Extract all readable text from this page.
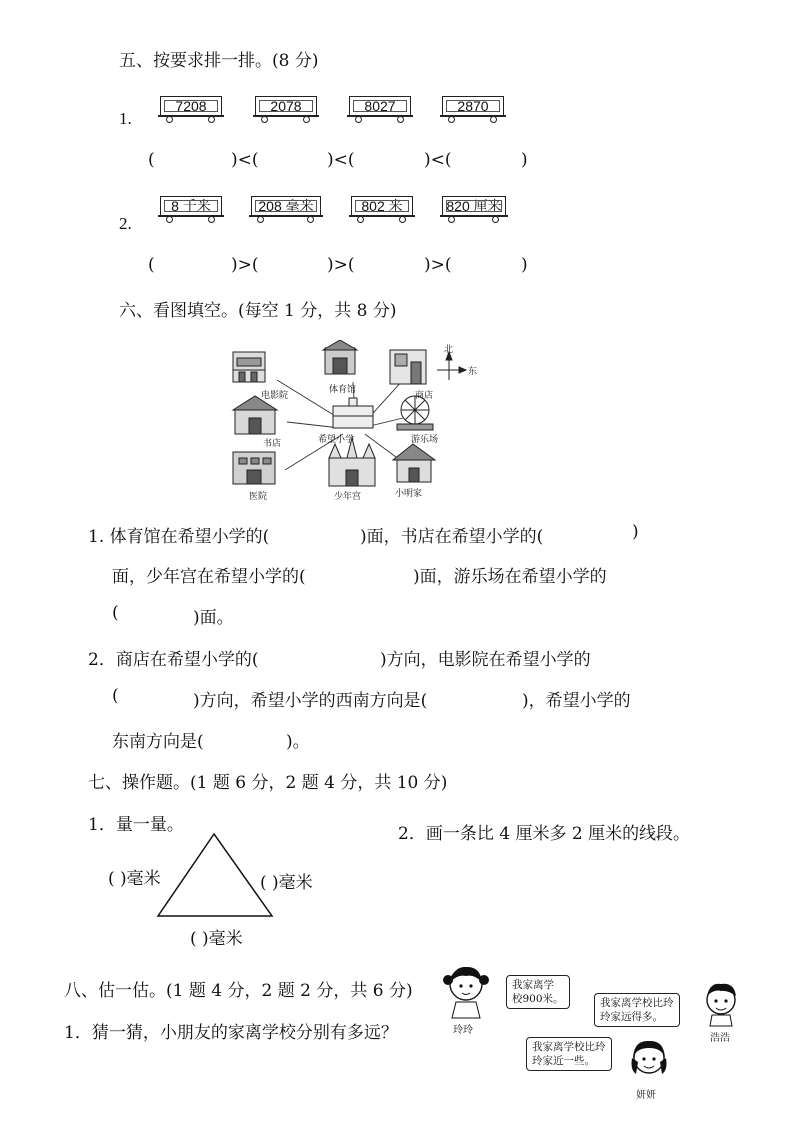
五、按要求排一排。(8 分)
1.
7208	2078	8027	2870
(	)<(	)<(	)<(	)
2.
8 千米	208 毫米	802 米	820 厘米
(	)>(	)>(	)>(	)
六、看图填空。(每空 1 分，共 8 分)
电影院
体育馆
商店
北
东
书店	希望小学	游乐场
医院	少年宫	小明家
1. 体育馆在希望小学的(	)面，书店在希望小学的(	)
面，少年宫在希望小学的(	)面，游乐场在希望小学的
(	)面。
2．商店在希望小学的(	)方向，电影院在希望小学的
(	)方向，希望小学的西南方向是(	)，希望小学的
东南方向是(	)。
七、操作题。(1 题 6 分，2 题 4 分，共 10 分)
1．量一量。	2．画一条比 4 厘米多 2 厘米的线段。
( )毫米	( )毫米
( )毫米
八、估一估。(1 题 4 分，2 题 2 分，共 6 分)
1．猜一猜，小朋友的家离学校分别有多远？	玲玲
我家离学
校900米。	我家离学校比玲
玲家远得多。
浩浩
我家离学校比玲
玲家近一些。
妍妍
